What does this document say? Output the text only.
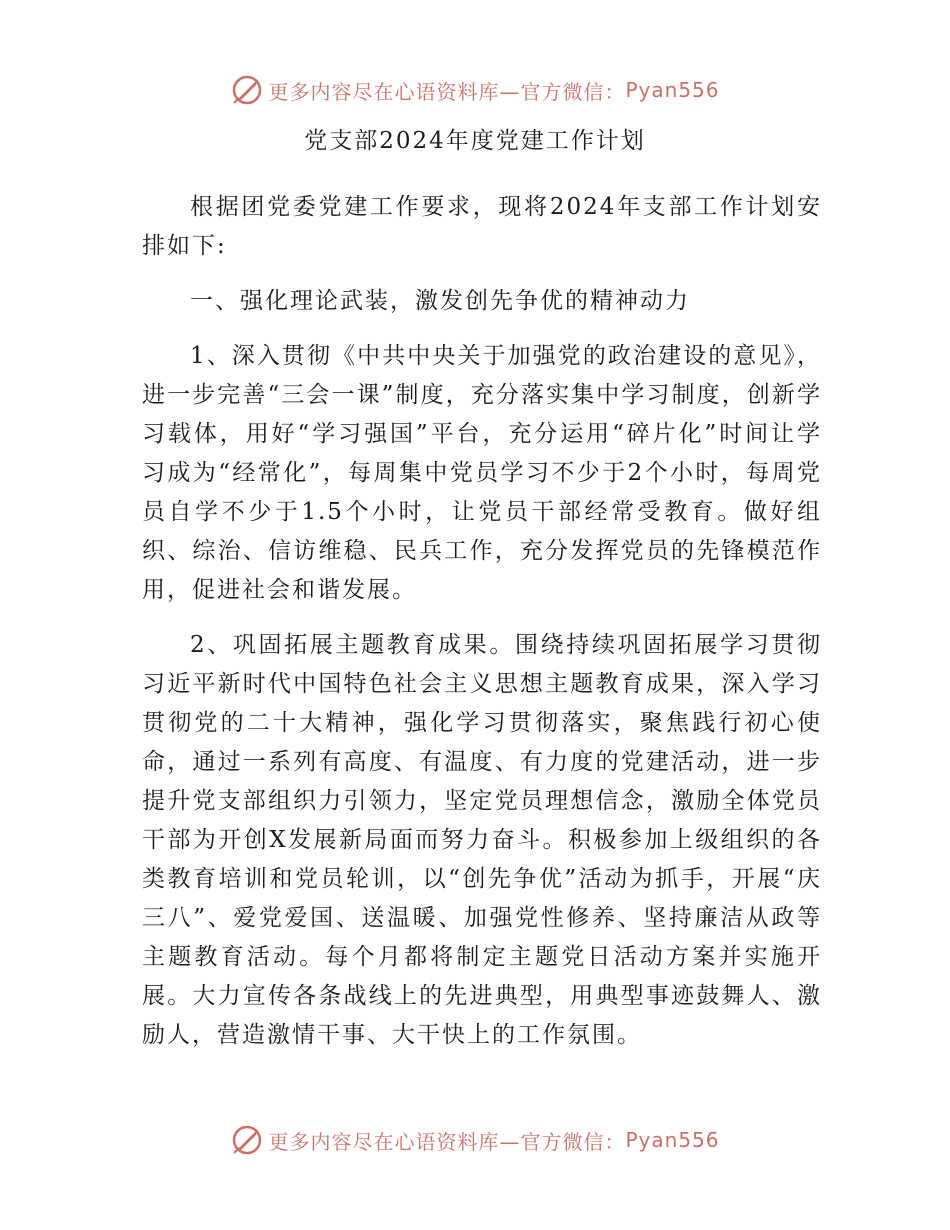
更多内容尽在心语资料库—官方微信： Pyan556
党支部2024年度党建工作计划

根据团党委党建工作要求，现将2024年支部工作计划安排如下:

一、强化理论武装，激发创先争优的精神动力

1、深入贯彻《中共中央关于加强党的政治建设的意见》，进一步完善“三会一课”制度，充分落实集中学习制度，创新学习载体，用好“学习强国”平台，充分运用“碎片化”时间让学习成为“经常化”，每周集中党员学习不少于2个小时，每周党员自学不少于1.5个小时，让党员干部经常受教育。做好组织、综治、信访维稳、民兵工作，充分发挥党员的先锋模范作用，促进社会和谐发展。

2、巩固拓展主题教育成果。围绕持续巩固拓展学习贯彻习近平新时代中国特色社会主义思想主题教育成果，深入学习贯彻党的二十大精神，强化学习贯彻落实，聚焦践行初心使命，通过一系列有高度、有温度、有力度的党建活动，进一步提升党支部组织力引领力，坚定党员理想信念，激励全体党员干部为开创X发展新局面而努力奋斗。积极参加上级组织的各类教育培训和党员轮训，以“创先争优”活动为抓手，开展“庆三八”、爱党爱国、送温暖、加强党性修养、坚持廉洁从政等主题教育活动。每个月都将制定主题党日活动方案并实施开展。大力宣传各条战线上的先进典型，用典型事迹鼓舞人、激励人，营造激情干事、大干快上的工作氛围。

更多内容尽在心语资料库—官方微信： Pyan556
